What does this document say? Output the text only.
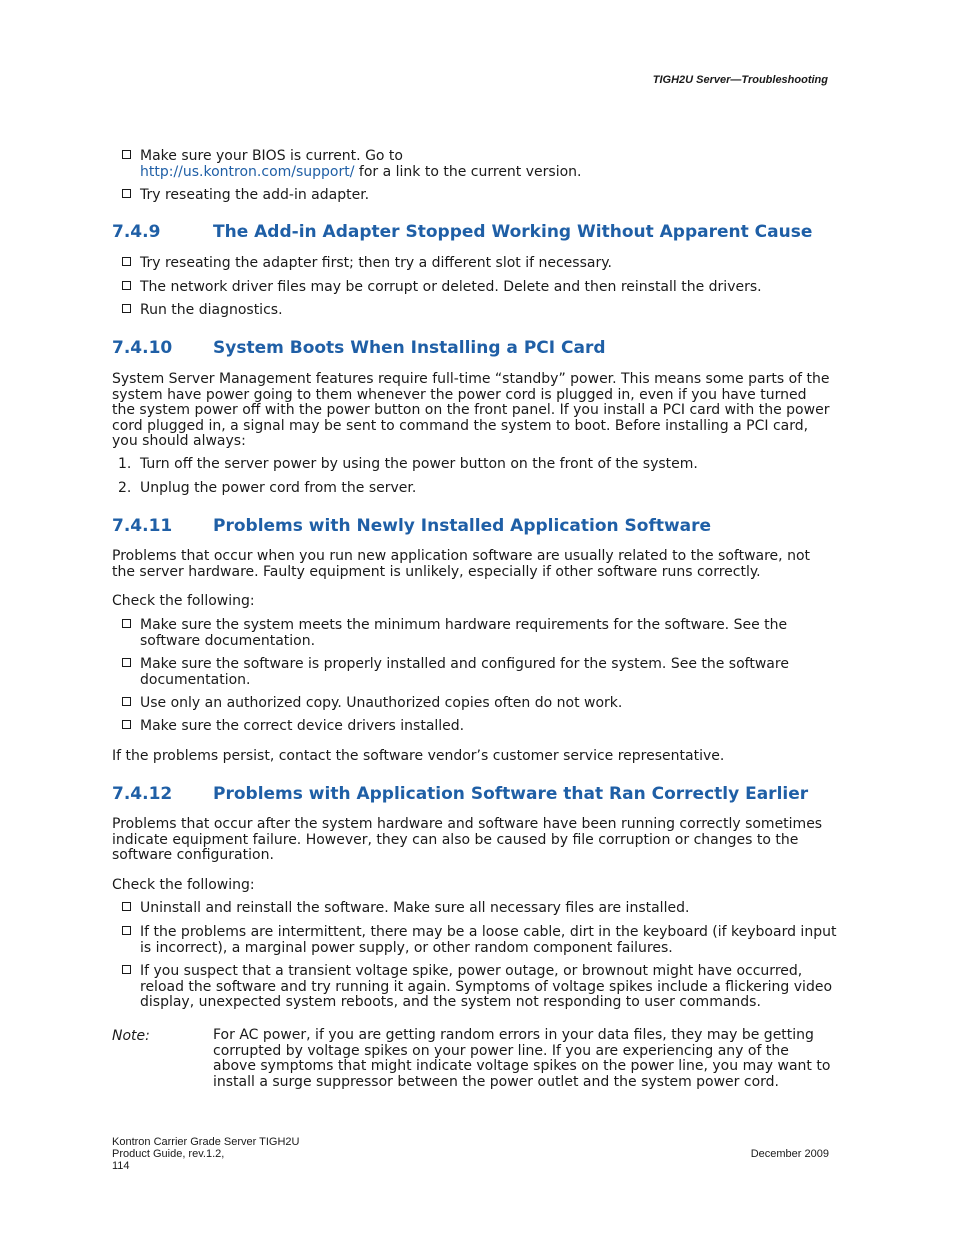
TIGH2U Server—Troubleshooting
Make sure your BIOS is current. Go to
http://us.kontron.com/support/ for a link to the current version.
Try reseating the add-in adapter.
7.4.9	The Add-in Adapter Stopped Working Without Apparent Cause
Try reseating the adapter first; then try a different slot if necessary.
The network driver files may be corrupt or deleted. Delete and then reinstall the drivers.
Run the diagnostics.
7.4.10 System Boots When Installing a PCI Card
System Server Management features require full-time “standby” power. This means some parts of the system have power going to them whenever the power cord is plugged in, even if you have turned the system power off with the power button on the front panel. If you install a PCI card with the power cord plugged in, a signal may be sent to command the system to boot. Before installing a PCI card, you should always:
1. Turn off the server power by using the power button on the front of the system.
2. Unplug the power cord from the server.
7.4.11 Problems with Newly Installed Application Software
Problems that occur when you run new application software are usually related to the software, not the server hardware. Faulty equipment is unlikely, especially if other software runs correctly.
Check the following:
Make sure the system meets the minimum hardware requirements for the software. See the software documentation.
Make sure the software is properly installed and configured for the system. See the software documentation.
Use only an authorized copy. Unauthorized copies often do not work.
Make sure the correct device drivers installed.
If the problems persist, contact the software vendor’s customer service representative.
7.4.12 Problems with Application Software that Ran Correctly Earlier
Problems that occur after the system hardware and software have been running correctly sometimes indicate equipment failure. However, they can also be caused by file corruption or changes to the software configuration.
Check the following:
Uninstall and reinstall the software. Make sure all necessary files are installed.
If the problems are intermittent, there may be a loose cable, dirt in the keyboard (if keyboard input is incorrect), a marginal power supply, or other random component failures.
If you suspect that a transient voltage spike, power outage, or brownout might have occurred, reload the software and try running it again. Symptoms of voltage spikes include a flickering video display, unexpected system reboots, and the system not responding to user commands.
Note:	For AC power, if you are getting random errors in your data files, they may be getting corrupted by voltage spikes on your power line. If you are experiencing any of the above symptoms that might indicate voltage spikes on the power line, you may want to install a surge suppressor between the power outlet and the system power cord.
Kontron Carrier Grade Server TIGH2U
Product Guide, rev.1.2,
114
December 2009
